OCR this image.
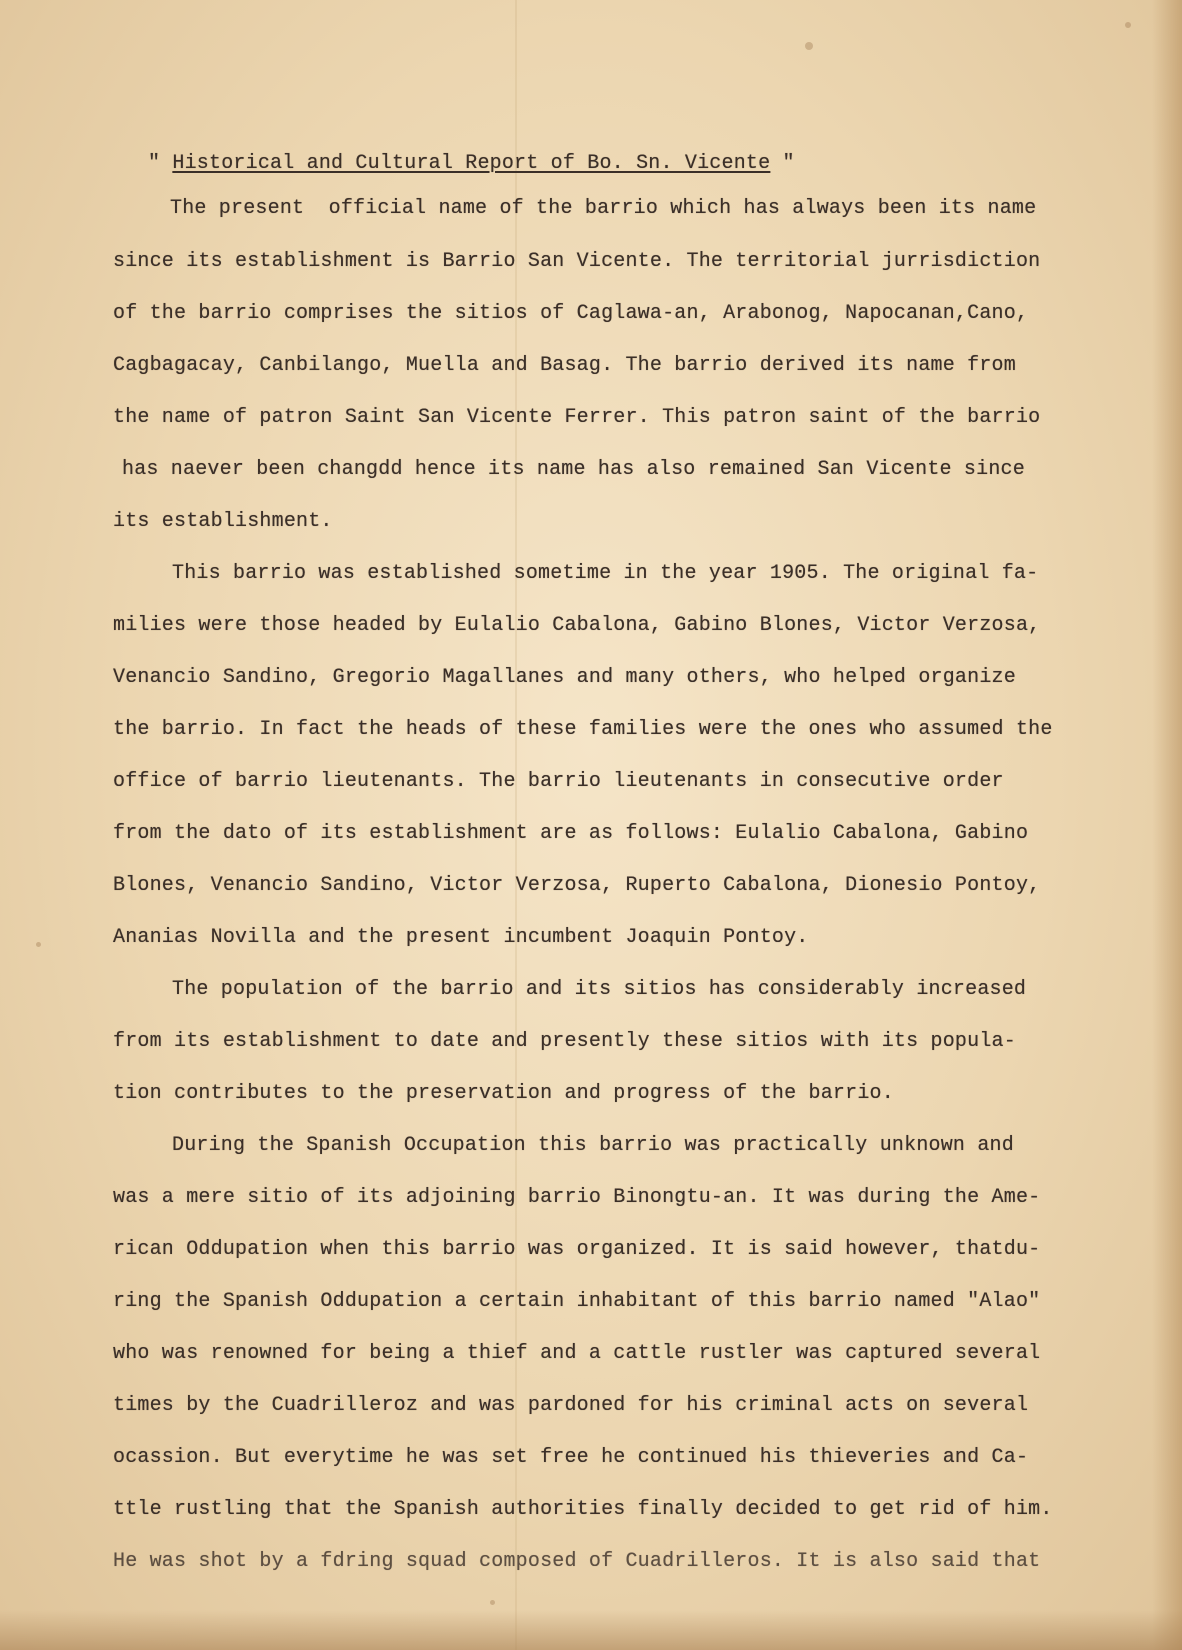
" Historical and Cultural Report of Bo. Sn. Vicente "
The present  official name of the barrio which has always been its name
since its establishment is Barrio San Vicente. The territorial jurrisdiction
of the barrio comprises the sitios of Caglawa-an, Arabonog, Napocanan,Cano,
Cagbagacay, Canbilango, Muella and Basag. The barrio derived its name from
the name of patron Saint San Vicente Ferrer. This patron saint of the barrio
has naever been changdd hence its name has also remained San Vicente since
its establishment.
This barrio was established sometime in the year 1905. The original fa-
milies were those headed by Eulalio Cabalona, Gabino Blones, Victor Verzosa,
Venancio Sandino, Gregorio Magallanes and many others, who helped organize
the barrio. In fact the heads of these families were the ones who assumed the
office of barrio lieutenants. The barrio lieutenants in consecutive order
from the dato of its establishment are as follows: Eulalio Cabalona, Gabino
Blones, Venancio Sandino, Victor Verzosa, Ruperto Cabalona, Dionesio Pontoy,
Ananias Novilla and the present incumbent Joaquin Pontoy.
The population of the barrio and its sitios has considerably increased
from its establishment to date and presently these sitios with its popula-
tion contributes to the preservation and progress of the barrio.
During the Spanish Occupation this barrio was practically unknown and
was a mere sitio of its adjoining barrio Binongtu-an. It was during the Ame-
rican Oddupation when this barrio was organized. It is said however, thatdu-
ring the Spanish Oddupation a certain inhabitant of this barrio named "Alao"
who was renowned for being a thief and a cattle rustler was captured several
times by the Cuadrilleroz and was pardoned for his criminal acts on several
ocassion. But everytime he was set free he continued his thieveries and Ca-
ttle rustling that the Spanish authorities finally decided to get rid of him.
He was shot by a fdring squad composed of Cuadrilleros. It is also said that
